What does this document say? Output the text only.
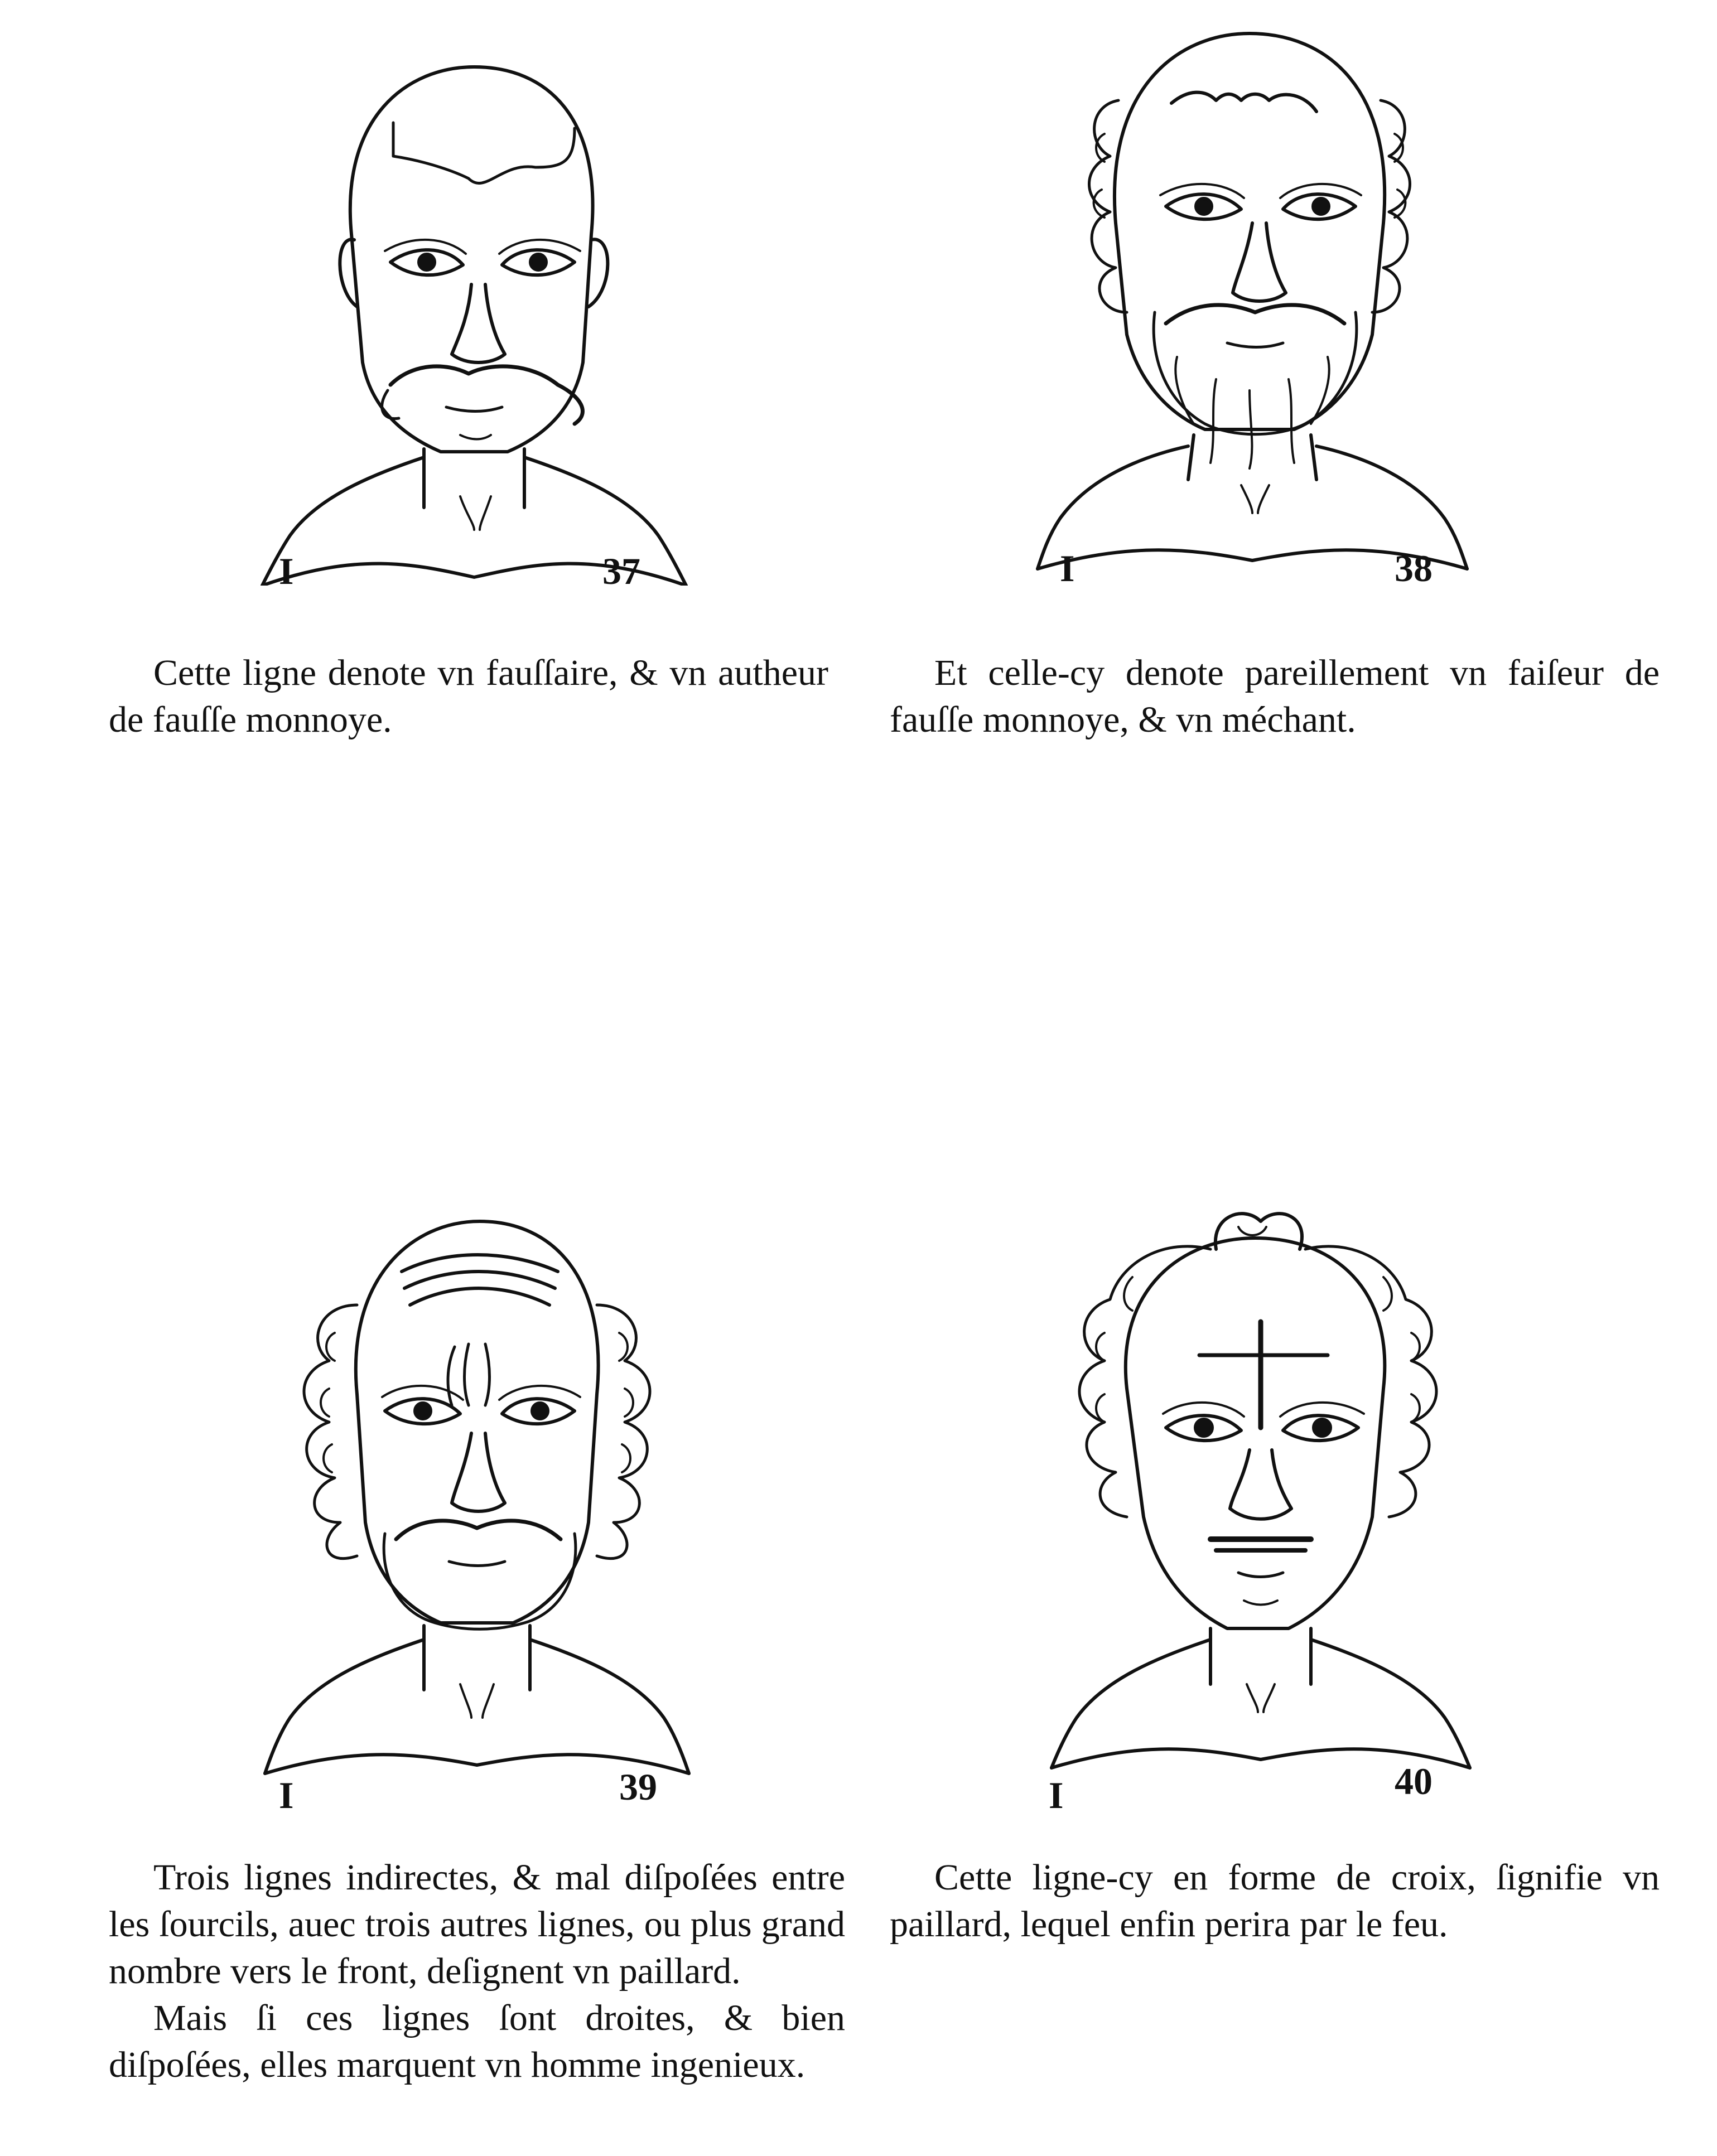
I	37

Cette ligne denote vn fauſſaire, & vn autheur de fauſſe monnoye.

I	38

Et celle-cy denote pareillement vn faiſeur de fauſſe monnoye, & vn méchant.

I	39

Trois lignes indirectes, & mal diſpoſées entre les ſourcils, auec trois autres lignes, ou plus grand nombre vers le front, deſignent vn paillard.

Mais ſi ces lignes ſont droites, & bien diſpoſées, elles marquent vn homme ingenieux.

I	40

Cette ligne-cy en forme de croix, ſignifie vn paillard, lequel enfin perira par le feu.
